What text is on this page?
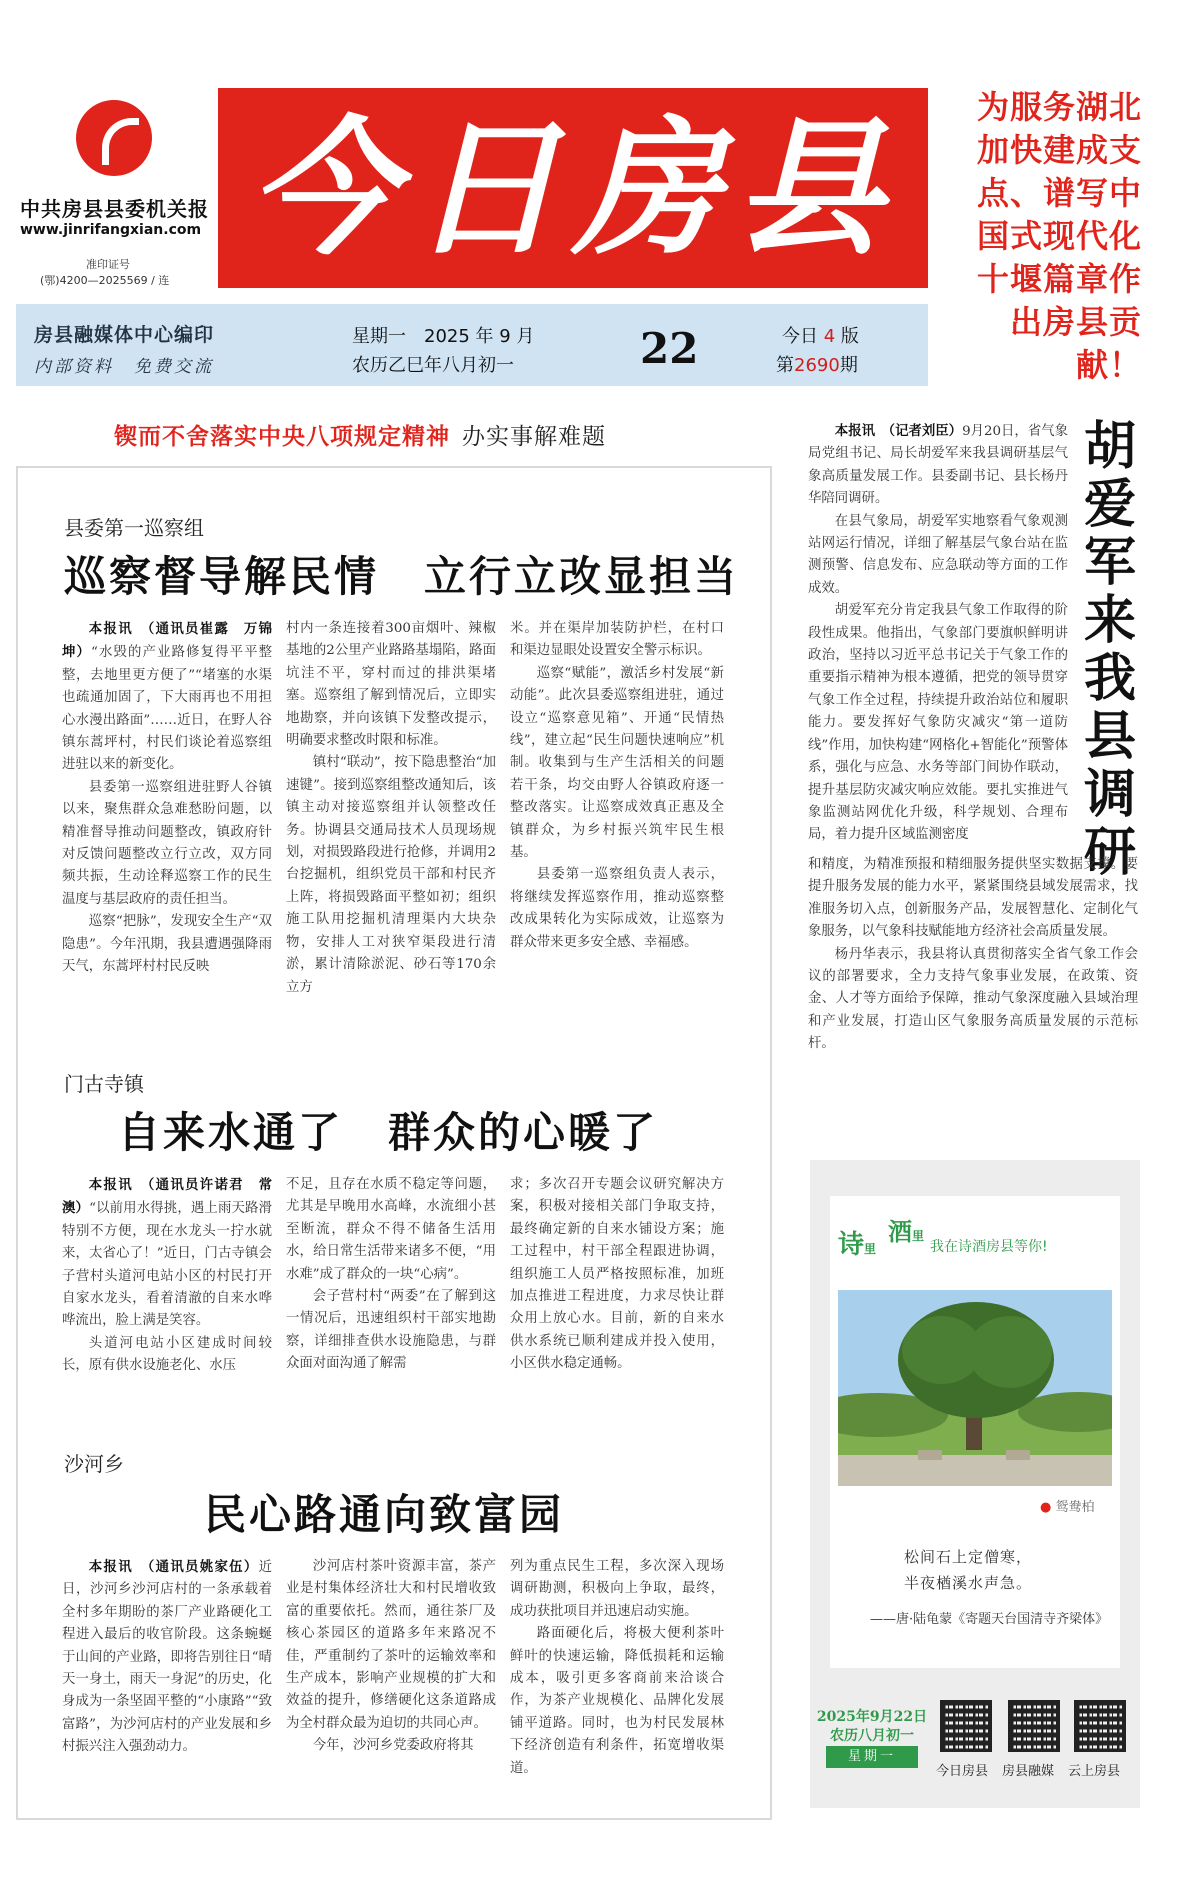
中共房县县委机关报
www.jinrifangxian.com
准印证号
(鄂)4200—2025569 / 连
今日房县	为服务湖北加快建成支点、谱写中国式现代化十堰篇章作出房县贡献！
房县融媒体中心编印
内部资料　免费交流
星期一　2025 年 9 月
农历乙巳年八月初一	22	今日 4 版
第2690期
锲而不舍落实中央八项规定精神 办实事解难题
县委第一巡察组
巡察督导解民情　立行立改显担当

本报讯　（通讯员崔露　万锦坤）“水毁的产业路修复得平平整整，去地里更方便了”“堵塞的水渠也疏通加固了，下大雨再也不用担心水漫出路面”……近日，在野人谷镇东蒿坪村，村民们谈论着巡察组进驻以来的新变化。

县委第一巡察组进驻野人谷镇以来，聚焦群众急难愁盼问题，以精准督导推动问题整改，镇政府针对反馈问题整改立行立改，双方同频共振，生动诠释巡察工作的民生温度与基层政府的责任担当。

巡察“把脉”，发现安全生产“双隐患”。今年汛期，我县遭遇强降雨天气，东蒿坪村村民反映

村内一条连接着300亩烟叶、辣椒基地的2公里产业路路基塌陷，路面坑洼不平，穿村而过的排洪渠堵塞。巡察组了解到情况后，立即实地勘察，并向该镇下发整改提示，明确要求整改时限和标准。

镇村“联动”，按下隐患整治“加速键”。接到巡察组整改通知后，该镇主动对接巡察组并认领整改任务。协调县交通局技术人员现场规划，对损毁路段进行抢修，并调用2台挖掘机，组织党员干部和村民齐上阵，将损毁路面平整如初；组织施工队用挖掘机清理渠内大块杂物，安排人工对狭窄渠段进行清淤，累计清除淤泥、砂石等170余立方

米。并在渠岸加装防护栏，在村口和渠边显眼处设置安全警示标识。

巡察“赋能”，激活乡村发展“新动能”。此次县委巡察组进驻，通过设立“巡察意见箱”、开通“民情热线”，建立起“民生问题快速响应”机制。收集到与生产生活相关的问题若干条，均交由野人谷镇政府逐一整改落实。让巡察成效真正惠及全镇群众，为乡村振兴筑牢民生根基。

县委第一巡察组负责人表示，将继续发挥巡察作用，推动巡察整改成果转化为实际成效，让巡察为群众带来更多安全感、幸福感。

门古寺镇
自来水通了　群众的心暖了

本报讯　（通讯员许诺君　常澳）“以前用水得挑，遇上雨天路滑特别不方便，现在水龙头一拧水就来，太省心了！”近日，门古寺镇会子营村头道河电站小区的村民打开自家水龙头，看着清澈的自来水哗哗流出，脸上满是笑容。

头道河电站小区建成时间较长，原有供水设施老化、水压

不足，且存在水质不稳定等问题，尤其是早晚用水高峰，水流细小甚至断流，群众不得不储备生活用水，给日常生活带来诸多不便，“用水难”成了群众的一块“心病”。

会子营村村“两委”在了解到这一情况后，迅速组织村干部实地勘察，详细排查供水设施隐患，与群众面对面沟通了解需

求；多次召开专题会议研究解决方案，积极对接相关部门争取支持，最终确定新的自来水铺设方案；施工过程中，村干部全程跟进协调，组织施工人员严格按照标准，加班加点推进工程进度，力求尽快让群众用上放心水。目前，新的自来水供水系统已顺利建成并投入使用，小区供水稳定通畅。

沙河乡
民心路通向致富园

本报讯　（通讯员姚家伍）近日，沙河乡沙河店村的一条承载着全村多年期盼的茶厂产业路硬化工程进入最后的收官阶段。这条蜿蜒于山间的产业路，即将告别往日“晴天一身土，雨天一身泥”的历史，化身成为一条坚固平整的“小康路”“致富路”，为沙河店村的产业发展和乡村振兴注入强劲动力。

沙河店村茶叶资源丰富，茶产业是村集体经济壮大和村民增收致富的重要依托。然而，通往茶厂及核心茶园区的道路多年来路况不佳，严重制约了茶叶的运输效率和生产成本，影响产业规模的扩大和效益的提升，修缮硬化这条道路成为全村群众最为迫切的共同心声。

今年，沙河乡党委政府将其

列为重点民生工程，多次深入现场调研勘测，积极向上争取，最终，成功获批项目并迅速启动实施。

路面硬化后，将极大便利茶叶鲜叶的快速运输，降低损耗和运输成本，吸引更多客商前来洽谈合作，为茶产业规模化、品牌化发展铺平道路。同时，也为村民发展林下经济创造有利条件，拓宽增收渠道。

胡爱军来我县调研

本报讯　（记者刘臣）9月20日，省气象局党组书记、局长胡爱军来我县调研基层气象高质量发展工作。县委副书记、县长杨丹华陪同调研。

在县气象局，胡爱军实地察看气象观测站网运行情况，详细了解基层气象台站在监测预警、信息发布、应急联动等方面的工作成效。

胡爱军充分肯定我县气象工作取得的阶段性成果。他指出，气象部门要旗帜鲜明讲政治，坚持以习近平总书记关于气象工作的重要指示精神为根本遵循，把党的领导贯穿气象工作全过程，持续提升政治站位和履职能力。要发挥好气象防灾减灾“第一道防线”作用，加快构建“网格化+智能化”预警体系，强化与应急、水务等部门间协作联动，提升基层防灾减灾响应效能。要扎实推进气象监测站网优化升级，科学规划、合理布局，着力提升区域监测密度

和精度，为精准预报和精细服务提供坚实数据支撑。要提升服务发展的能力水平，紧紧围绕县域发展需求，找准服务切入点，创新服务产品，发展智慧化、定制化气象服务，以气象科技赋能地方经济社会高质量发展。

杨丹华表示，我县将认真贯彻落实全省气象工作会议的部署要求，全力支持气象事业发展，在政策、资金、人才等方面给予保障，推动气象深度融入县域治理和产业发展，打造山区气象服务高质量发展的示范标杆。

诗里
酒里
我在诗酒房县等你!
● 鸳鸯柏
松间石上定僧寒，
半夜楢溪水声急。
——唐·陆龟蒙《寄题天台国清寺齐梁体》
2025年9月22日
农历八月初一
星期一
今日房县 房县融媒 云上房县
